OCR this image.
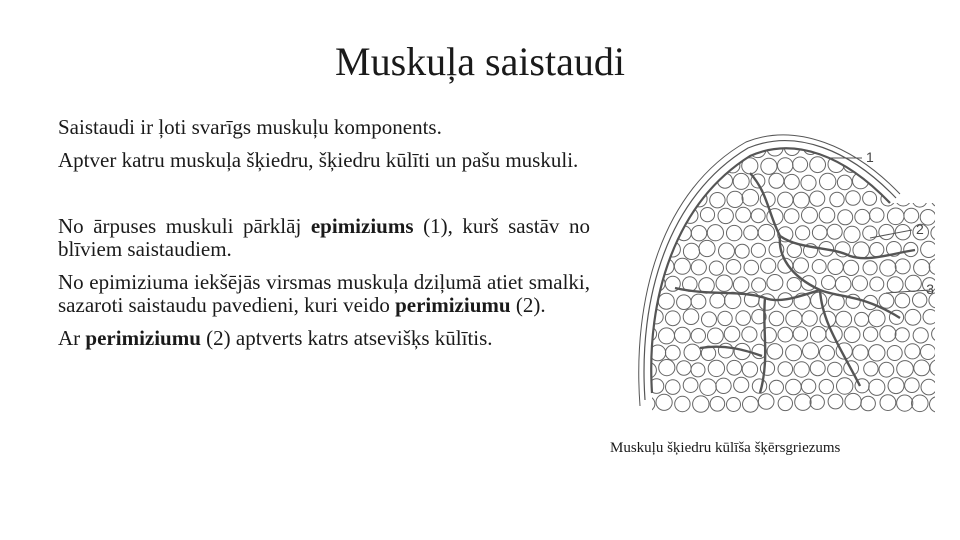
Muskuļa saistaudi

Saistaudi ir ļoti svarīgs muskuļu komponents.

Aptver katru muskuļa šķiedru, šķiedru kūlīti un pašu muskuli.

No ārpuses muskuli pārklāj epimiziums (1), kurš sastāv no blīviem saistaudiem.

No epimiziuma iekšējās virsmas muskuļa dziļumā atiet smalki, sazaroti saistaudu pavedieni, kuri veido perimiziumu (2).

Ar perimiziumu (2) aptverts katrs atsevišķs kūlītis.

1
2
3
Muskuļu šķiedru kūlīša šķērsgriezums
